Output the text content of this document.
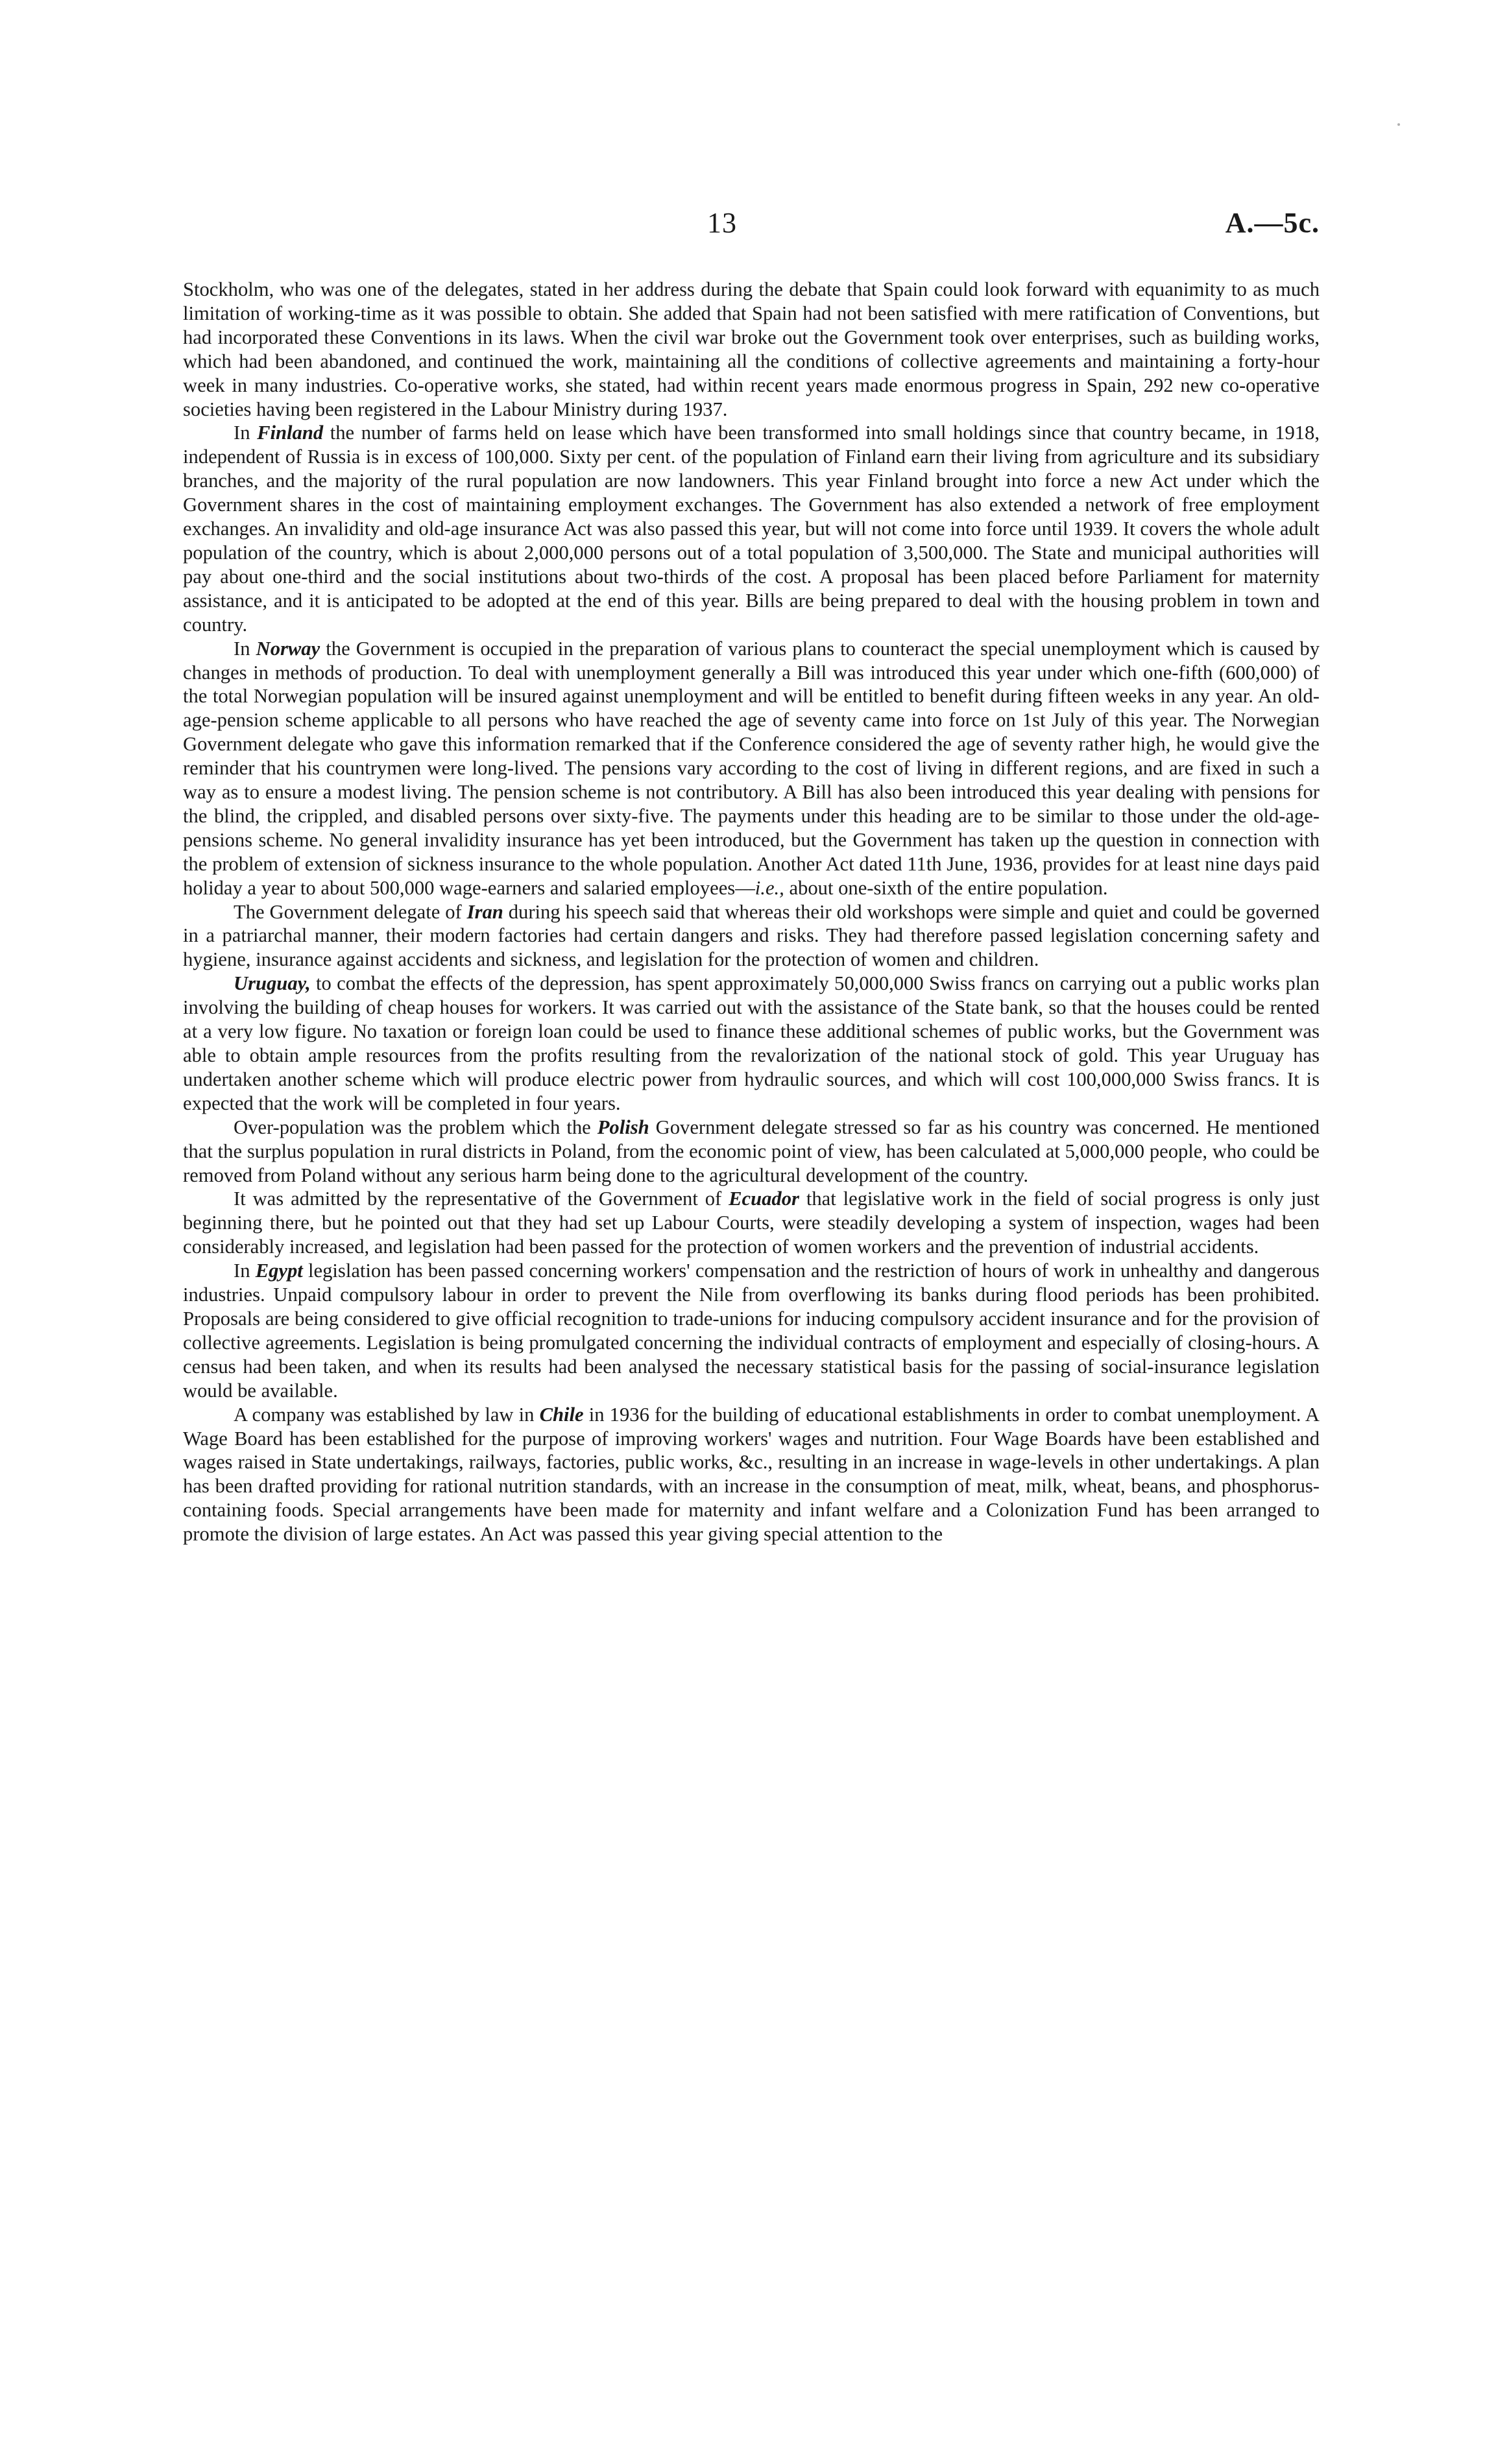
13	A.—5c.

Stockholm, who was one of the delegates, stated in her address during the debate that Spain could look forward with equanimity to as much limitation of working-time as it was possible to obtain. She added that Spain had not been satisfied with mere ratification of Conventions, but had incorporated these Conventions in its laws. When the civil war broke out the Government took over enterprises, such as building works, which had been abandoned, and continued the work, maintaining all the conditions of collective agreements and maintaining a forty-hour week in many industries. Co-operative works, she stated, had within recent years made enormous progress in Spain, 292 new co-operative societies having been registered in the Labour Ministry during 1937.

In Finland the number of farms held on lease which have been transformed into small holdings since that country became, in 1918, independent of Russia is in excess of 100,000. Sixty per cent. of the population of Finland earn their living from agriculture and its subsidiary branches, and the majority of the rural population are now landowners. This year Finland brought into force a new Act under which the Government shares in the cost of maintaining employment exchanges. The Government has also extended a network of free employment exchanges. An invalidity and old-age insurance Act was also passed this year, but will not come into force until 1939. It covers the whole adult population of the country, which is about 2,000,000 persons out of a total population of 3,500,000. The State and municipal authorities will pay about one-third and the social institutions about two-thirds of the cost. A proposal has been placed before Parliament for maternity assistance, and it is anticipated to be adopted at the end of this year. Bills are being prepared to deal with the housing problem in town and country.

In Norway the Government is occupied in the preparation of various plans to counteract the special unemployment which is caused by changes in methods of production. To deal with unemployment generally a Bill was introduced this year under which one-fifth (600,000) of the total Norwegian population will be insured against unemployment and will be entitled to benefit during fifteen weeks in any year. An old-age-pension scheme applicable to all persons who have reached the age of seventy came into force on 1st July of this year. The Norwegian Government delegate who gave this information remarked that if the Conference considered the age of seventy rather high, he would give the reminder that his countrymen were long-lived. The pensions vary according to the cost of living in different regions, and are fixed in such a way as to ensure a modest living. The pension scheme is not contributory. A Bill has also been introduced this year dealing with pensions for the blind, the crippled, and disabled persons over sixty-five. The payments under this heading are to be similar to those under the old-age-pensions scheme. No general invalidity insurance has yet been introduced, but the Government has taken up the question in connection with the problem of extension of sickness insurance to the whole population. Another Act dated 11th June, 1936, provides for at least nine days paid holiday a year to about 500,000 wage-earners and salaried employees—i.e., about one-sixth of the entire population.

The Government delegate of Iran during his speech said that whereas their old workshops were simple and quiet and could be governed in a patriarchal manner, their modern factories had certain dangers and risks. They had therefore passed legislation concerning safety and hygiene, insurance against accidents and sickness, and legislation for the protection of women and children.

Uruguay, to combat the effects of the depression, has spent approximately 50,000,000 Swiss francs on carrying out a public works plan involving the building of cheap houses for workers. It was carried out with the assistance of the State bank, so that the houses could be rented at a very low figure. No taxation or foreign loan could be used to finance these additional schemes of public works, but the Government was able to obtain ample resources from the profits resulting from the revalorization of the national stock of gold. This year Uruguay has undertaken another scheme which will produce electric power from hydraulic sources, and which will cost 100,000,000 Swiss francs. It is expected that the work will be completed in four years.

Over-population was the problem which the Polish Government delegate stressed so far as his country was concerned. He mentioned that the surplus population in rural districts in Poland, from the economic point of view, has been calculated at 5,000,000 people, who could be removed from Poland without any serious harm being done to the agricultural development of the country.

It was admitted by the representative of the Government of Ecuador that legislative work in the field of social progress is only just beginning there, but he pointed out that they had set up Labour Courts, were steadily developing a system of inspection, wages had been considerably increased, and legislation had been passed for the protection of women workers and the prevention of industrial accidents.

In Egypt legislation has been passed concerning workers' compensation and the restriction of hours of work in unhealthy and dangerous industries. Unpaid compulsory labour in order to prevent the Nile from overflowing its banks during flood periods has been prohibited. Proposals are being considered to give official recognition to trade-unions for inducing compulsory accident insurance and for the provision of collective agreements. Legislation is being promulgated concerning the individual contracts of employment and especially of closing-hours. A census had been taken, and when its results had been analysed the necessary statistical basis for the passing of social-insurance legislation would be available.

A company was established by law in Chile in 1936 for the building of educational establishments in order to combat unemployment. A Wage Board has been established for the purpose of improving workers' wages and nutrition. Four Wage Boards have been established and wages raised in State undertakings, railways, factories, public works, &c., resulting in an increase in wage-levels in other undertakings. A plan has been drafted providing for rational nutrition standards, with an increase in the consumption of meat, milk, wheat, beans, and phosphorus-containing foods. Special arrangements have been made for maternity and infant welfare and a Colonization Fund has been arranged to promote the division of large estates. An Act was passed this year giving special attention to the
